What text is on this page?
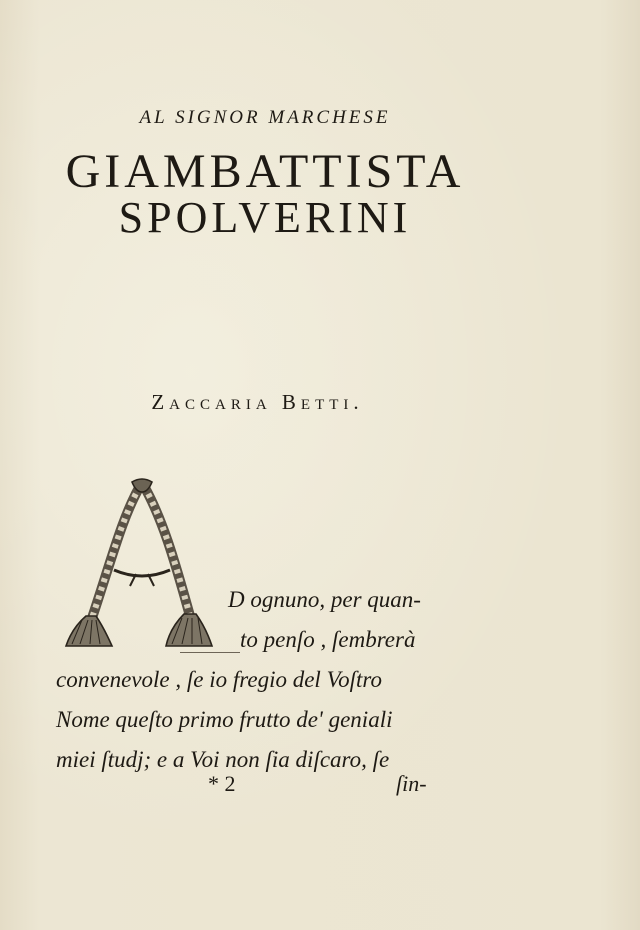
AL SIGNOR MARCHESE
GIAMBATTISTA
SPOLVERINI
Zaccaria Betti.
D ognuno, per quan-
to penſo , ſembrerà
convenevole , ſe io fregio del Voſtro
Nome queſto primo frutto de' geniali
miei ſtudj; e a Voi non ſia diſcaro, ſe
* 2	ſin-
